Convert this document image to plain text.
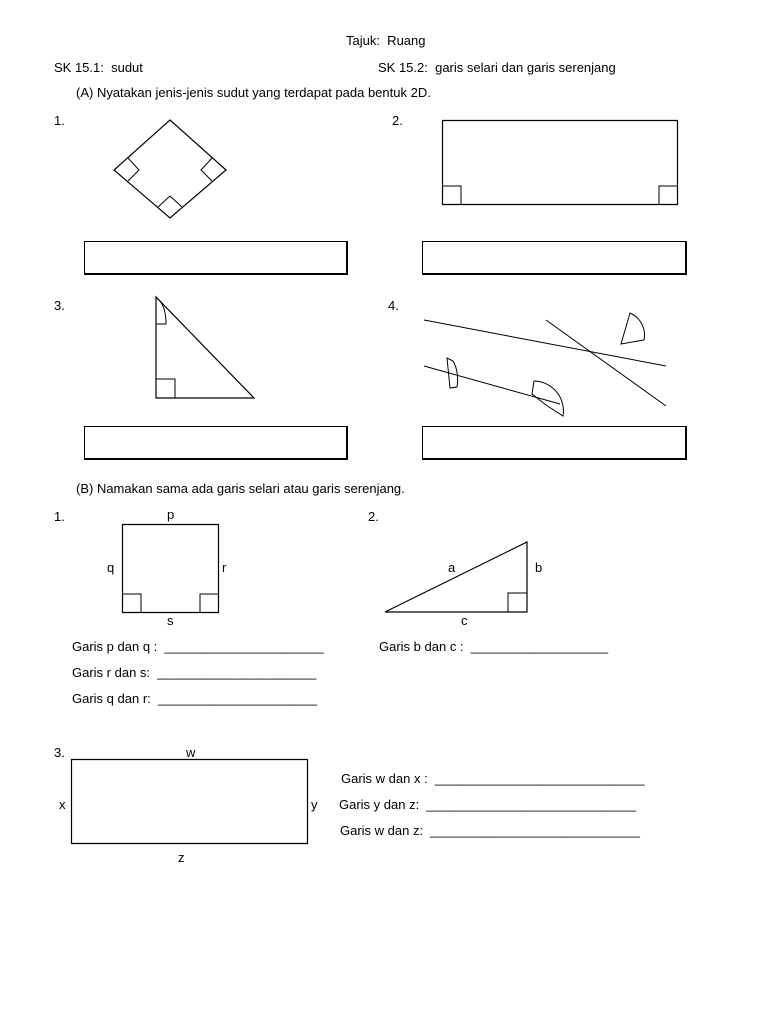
Tajuk:  Ruang
SK 15.1:  sudut	SK 15.2:  garis selari dan garis serenjang
(A) Nyatakan jenis-jenis sudut yang terdapat pada bentuk 2D.
1.	2.
3.	4.
(B) Namakan sama ada garis selari atau garis serenjang.
1.	p
q	r
s
2.
a	b
c
Garis p dan q :  ______________________
Garis r dan s:  ______________________
Garis q dan r:  ______________________
Garis b dan c :  ___________________
3.	w
x	y
z
Garis w dan x :  _____________________________
Garis y dan z:  _____________________________
Garis w dan z:  _____________________________
